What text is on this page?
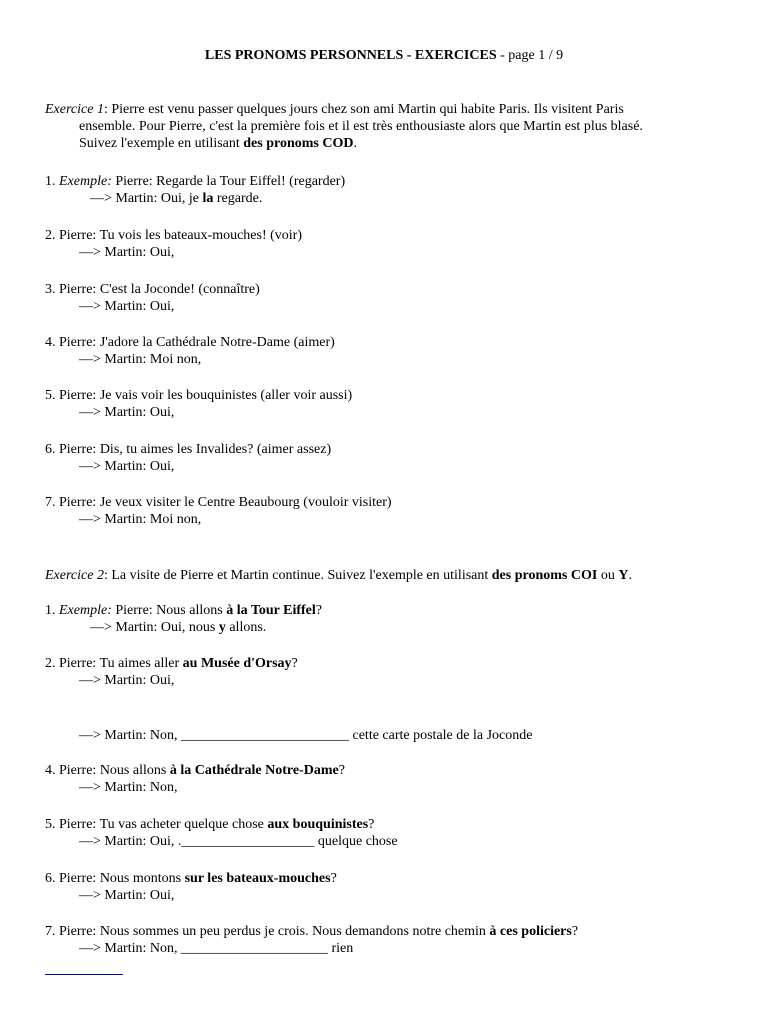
LES PRONOMS PERSONNELS - EXERCICES - page 1 / 9
Exercice 1: Pierre est venu passer quelques jours chez son ami Martin qui habite Paris. Ils visitent Paris
ensemble. Pour Pierre, c'est la première fois et il est très enthousiaste alors que Martin est plus blasé.
Suivez l'exemple en utilisant des pronoms COD.
1. Exemple: Pierre: Regarde la Tour Eiffel! (regarder)
—> Martin: Oui, je la regarde.
2. Pierre: Tu vois les bateaux-mouches! (voir)
—> Martin: Oui,
3. Pierre: C'est la Joconde! (connaître)
—> Martin: Oui,
4. Pierre: J'adore la Cathédrale Notre-Dame (aimer)
—> Martin: Moi non,
5. Pierre: Je vais voir les bouquinistes (aller voir aussi)
—> Martin: Oui,
6. Pierre: Dis, tu aimes les Invalides? (aimer assez)
—> Martin: Oui,
7. Pierre: Je veux visiter le Centre Beaubourg (vouloir visiter)
—> Martin: Moi non,
Exercice 2: La visite de Pierre et Martin continue. Suivez l'exemple en utilisant des pronoms COI ou Y.
1. Exemple: Pierre: Nous allons à la Tour Eiffel?
—> Martin: Oui, nous y allons.
2. Pierre: Tu aimes aller au Musée d'Orsay?
—> Martin: Oui,
—> Martin: Non, ________________________ cette carte postale de la Joconde
4. Pierre: Nous allons à la Cathédrale Notre-Dame?
—> Martin: Non,
5. Pierre: Tu vas acheter quelque chose aux bouquinistes?
—> Martin: Oui, .___________________ quelque chose
6. Pierre: Nous montons sur les bateaux-mouches?
—> Martin: Oui,
7. Pierre: Nous sommes un peu perdus je crois. Nous demandons notre chemin à ces policiers?
—> Martin: Non, _____________________ rien
